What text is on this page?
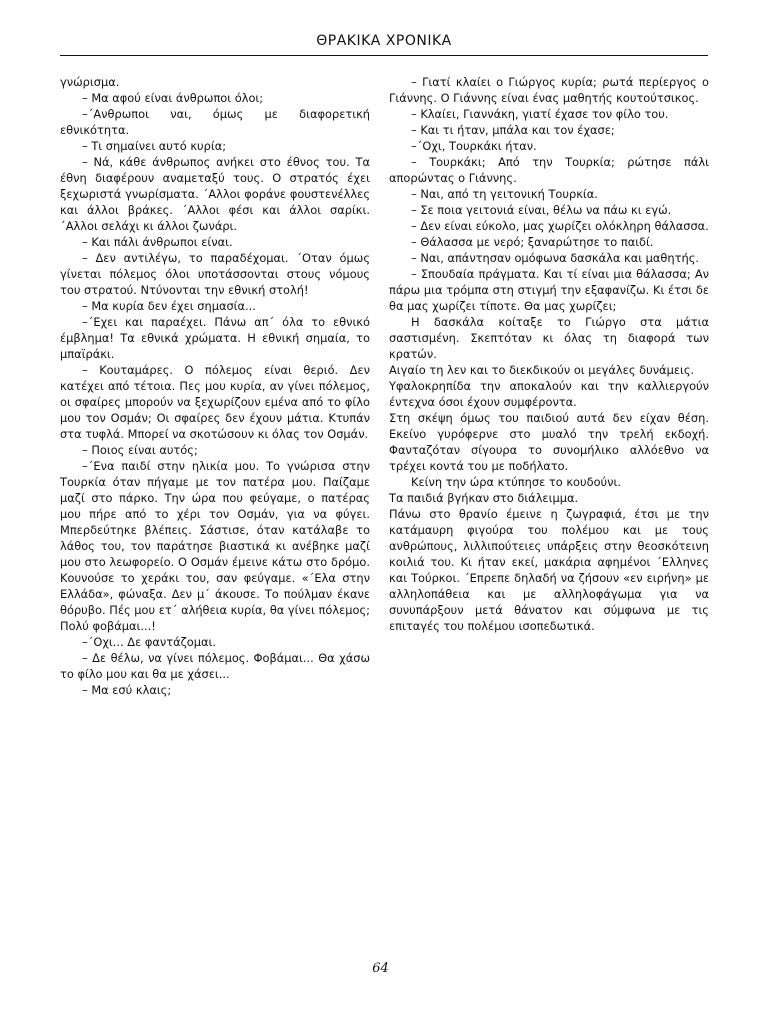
ΘΡΑΚΙΚΑ ΧΡΟΝΙΚΑ

γνώρισμα.

– Μα αφού είναι άνθρωποι όλοι;

–΄Ανθρωποι ναι, όμως με διαφορετική εθνικότητα.

– Τι σημαίνει αυτό κυρία;

– Νά, κάθε άνθρωπος ανήκει στο έθνος του. Τα έθνη διαφέρουν αναμεταξύ τους. Ο στρατός έχει ξεχωριστά γνωρίσματα. ΄Αλλοι φοράνε φουστενέλλες και άλλοι βράκες. ΄Αλλοι φέσι και άλλοι σαρίκι. ΄Αλλοι σελάχι κι άλλοι ζωνάρι.

– Και πάλι άνθρωποι είναι.

– Δεν αντιλέγω, το παραδέχομαι. ΄Οταν όμως γίνεται πόλεμος όλοι υποτάσσονται στους νόμους του στρατού. Ντύνονται την εθνική στολή!

– Μα κυρία δεν έχει σημασία...

–΄Εχει και παραέχει. Πάνω απ΄ όλα το εθνικό έμβλημα! Τα εθνικά χρώματα. Η εθνική σημαία, το μπαϊράκι.

– Κουταμάρες. Ο πόλεμος είναι θεριό. Δεν κατέχει από τέτοια. Πες μου κυρία, αν γίνει πόλεμος, οι σφαίρες μπορούν να ξεχωρίζουν εμένα από το φίλο μου τον Οσμάν; Οι σφαίρες δεν έχουν μάτια. Κτυπάν στα τυφλά. Μπορεί να σκοτώσουν κι όλας τον Οσμάν.

– Ποιος είναι αυτός;

–΄Ενα παιδί στην ηλικία μου. Το γνώρισα στην Τουρκία όταν πήγαμε με τον πατέρα μου. Παίζαμε μαζί στο πάρκο. Την ώρα που φεύγαμε, ο πατέρας μου πήρε από το χέρι τον Οσμάν, για να φύγει. Μπερδεύτηκε βλέπεις. Σάστισε, όταν κατάλαβε το λάθος του, τον παράτησε βιαστικά κι ανέβηκε μαζί μου στο λεωφορείο. Ο Οσμάν έμεινε κάτω στο δρόμο. Κουνούσε το χεράκι του, σαν φεύγαμε. «΄Ελα στην Ελλάδα», φώναξα. Δεν μ΄ άκουσε. Το πούλμαν έκανε θόρυβο. Πές μου ετ΄ αλήθεια κυρία, θα γίνει πόλεμος; Πολύ φοβάμαι...!

–΄Οχι... Δε φαντάζομαι.

– Δε θέλω, να γίνει πόλεμος. Φοβάμαι... Θα χάσω το φίλο μου και θα με χάσει...

– Μα εσύ κλαις;

– Γιατί κλαίει ο Γιώργος κυρία; ρωτά περίεργος ο Γιάννης. Ο Γιάννης είναι ένας μαθητής κουτούτσικος.

– Κλαίει, Γιαννάκη, γιατί έχασε τον φίλο του.

– Και τι ήταν, μπάλα και τον έχασε;

–΄Οχι, Τουρκάκι ήταν.

– Τουρκάκι; Από την Τουρκία; ρώτησε πάλι απορώντας ο Γιάννης.

– Ναι, από τη γειτονική Τουρκία.

– Σε ποια γειτονιά είναι, θέλω να πάω κι εγώ.

– Δεν είναι εύκολο, μας χωρίζει ολόκληρη θάλασσα.

– Θάλασσα με νερό; ξαναρώτησε το παιδί.

– Ναι, απάντησαν ομόφωνα δασκάλα και μαθητής.

– Σπουδαία πράγματα. Και τί είναι μια θάλασσα; Αν πάρω μια τρόμπα στη στιγμή την εξαφανίζω. Κι έτσι δε θα μας χωρίζει τίποτε. Θα μας χωρίζει;

Η δασκάλα κοίταξε το Γιώργο στα μάτια σαστισμένη. Σκεπτόταν κι όλας τη διαφορά των κρατών.

Αιγαίο τη λεν και το διεκδικούν οι μεγάλες δυνάμεις.

Υφαλοκρηπίδα την αποκαλούν και την καλλιεργούν έντεχνα όσοι έχουν συμφέροντα.

Στη σκέψη όμως του παιδιού αυτά δεν είχαν θέση. Εκείνο γυρόφερνε στο μυαλό την τρελή εκδοχή. Φανταζόταν σίγουρα το συνομήλικο αλλόεθνο να τρέχει κοντά του με ποδήλατο.

Κείνη την ώρα κτύπησε το κουδούνι.

Τα παιδιά βγήκαν στο διάλειμμα.

Πάνω στο θρανίο έμεινε η ζωγραφιά, έτσι με την κατάμαυρη φιγούρα του πολέμου και με τους ανθρώπους, λιλλιπούτειες υπάρξεις στην θεοσκότεινη κοιλιά του. Κι ήταν εκεί, μακάρια αφημένοι ΄Ελληνες και Τούρκοι. ΄Επρεπε δηλαδή να ζήσουν «εν ειρήνη» με αλληλοπάθεια και με αλληλοφάγωμα για να συνυπάρξουν μετά θάνατον και σύμφωνα με τις επιταγές του πολέμου ισοπεδωτικά.

64
